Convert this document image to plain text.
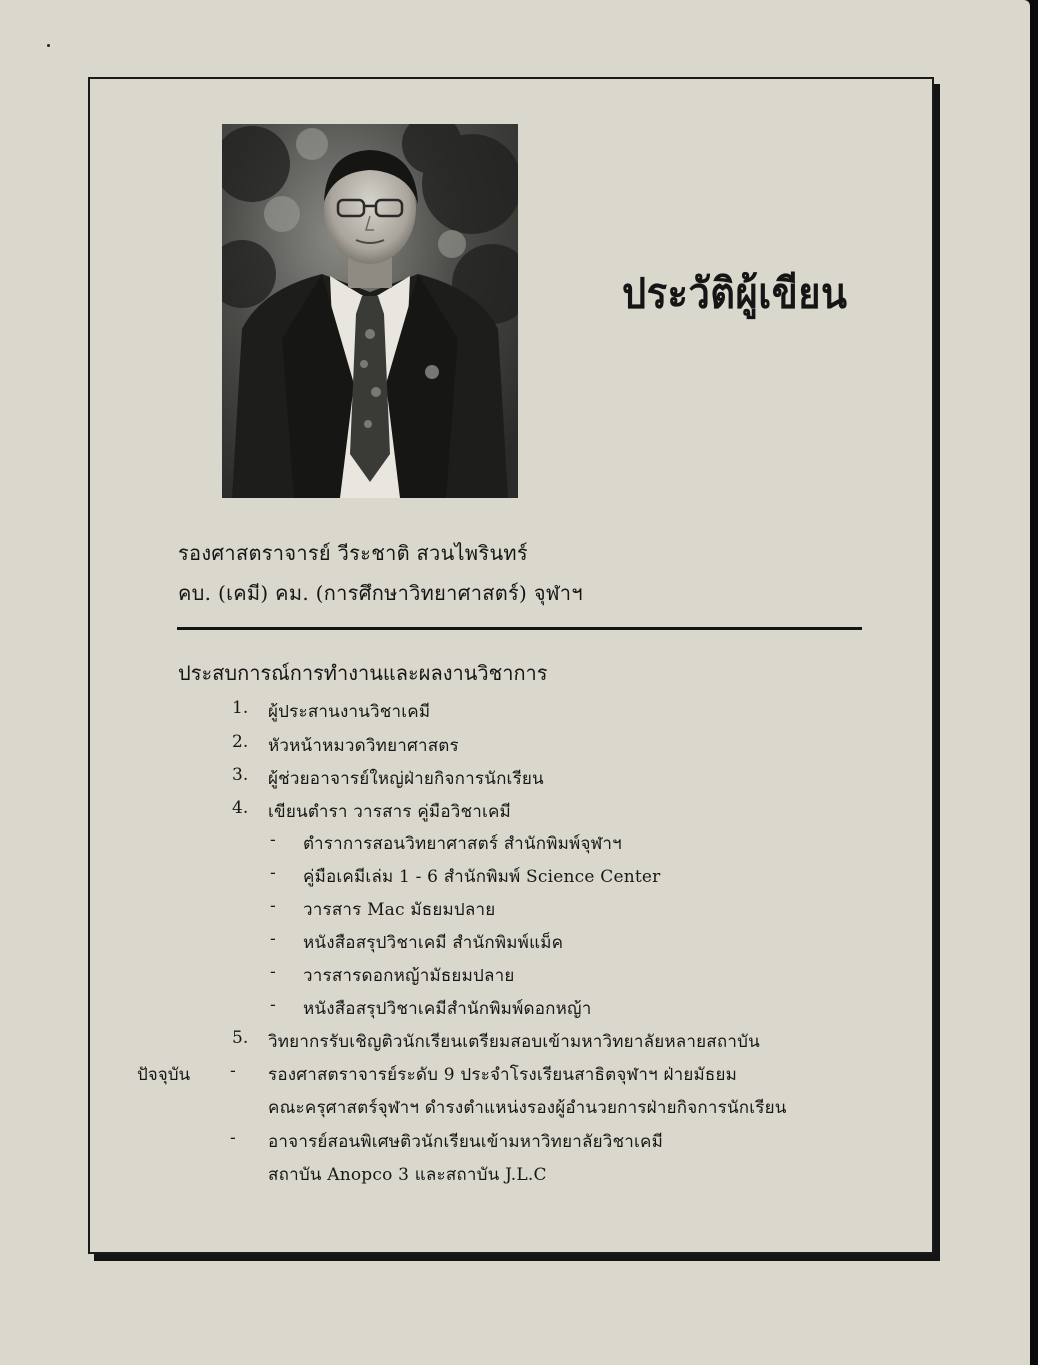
ประวัติผู้เขียน
รองศาสตราจารย์ วีระชาติ สวนไพรินทร์
คบ. (เคมี) คม. (การศึกษาวิทยาศาสตร์) จุฬาฯ
ประสบการณ์การทำงานและผลงานวิชาการ
1. ผู้ประสานงานวิชาเคมี
2. หัวหน้าหมวดวิทยาศาสตร
3. ผู้ช่วยอาจารย์ใหญ่ฝ่ายกิจการนักเรียน
4. เขียนตำรา วารสาร คู่มือวิชาเคมี
- ตำราการสอนวิทยาศาสตร์ สำนักพิมพ์จุฬาฯ
- คู่มือเคมีเล่ม 1 - 6 สำนักพิมพ์ Science Center
- วารสาร Mac มัธยมปลาย
- หนังสือสรุปวิชาเคมี สำนักพิมพ์แม็ค
- วารสารดอกหญ้ามัธยมปลาย
- หนังสือสรุปวิชาเคมีสำนักพิมพ์ดอกหญ้า
5. วิทยากรรับเชิญติวนักเรียนเตรียมสอบเข้ามหาวิทยาลัยหลายสถาบัน
ปัจจุบัน - รองศาสตราจารย์ระดับ 9 ประจำโรงเรียนสาธิตจุฬาฯ ฝ่ายมัธยม
คณะครุศาสตร์จุฬาฯ ดำรงตำแหน่งรองผู้อำนวยการฝ่ายกิจการนักเรียน
- อาจารย์สอนพิเศษติวนักเรียนเข้ามหาวิทยาลัยวิชาเคมี
สถาบัน Anopco 3 และสถาบัน J.L.C
